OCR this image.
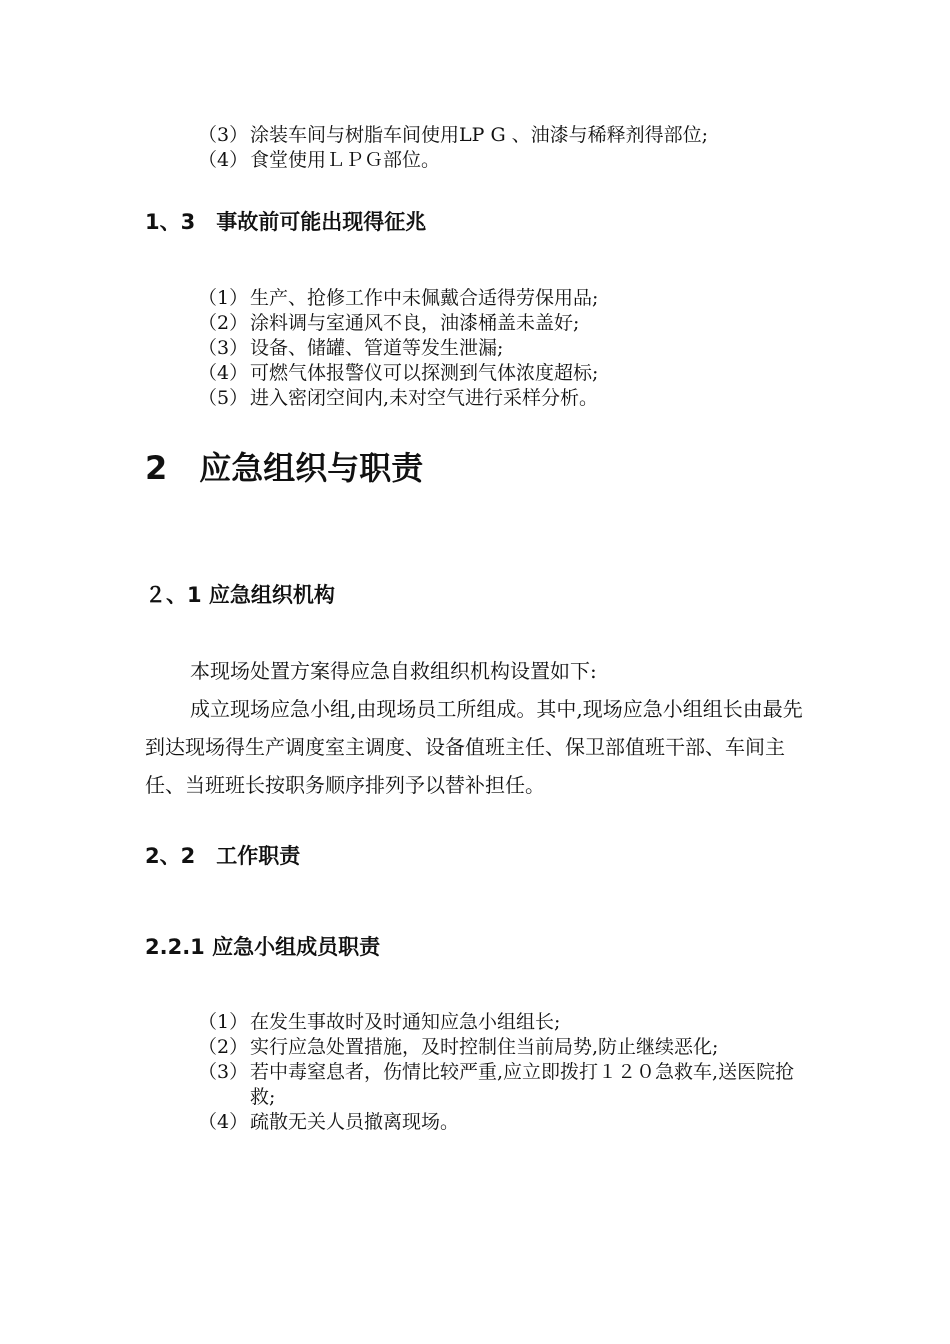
（3） 涂装车间与树脂车间使用LP G 、油漆与稀释剂得部位;
（4） 食堂使用ＬＰＧ部位。
1、3　事故前可能出现得征兆
（1） 生产、抢修工作中未佩戴合适得劳保用品;
（2） 涂料调与室通风不良，油漆桶盖未盖好;
（3） 设备、储罐、管道等发生泄漏;
（4） 可燃气体报警仪可以探测到气体浓度超标;
（5） 进入密闭空间内,未对空气进行采样分析。
2　应急组织与职责
２、1 应急组织机构

本现场处置方案得应急自救组织机构设置如下:

成立现场应急小组,由现场员工所组成。其中,现场应急小组组长由最先到达现场得生产调度室主调度、设备值班主任、保卫部值班干部、车间主任、当班班长按职务顺序排列予以替补担任。

2、2　工作职责
2.2.1 应急小组成员职责
（1） 在发生事故时及时通知应急小组组长;
（2） 实行应急处置措施，及时控制住当前局势,防止继续恶化;
（3） 若中毒窒息者，伤情比较严重,应立即拨打１２０急救车,送医院抢救;
（4） 疏散无关人员撤离现场。
